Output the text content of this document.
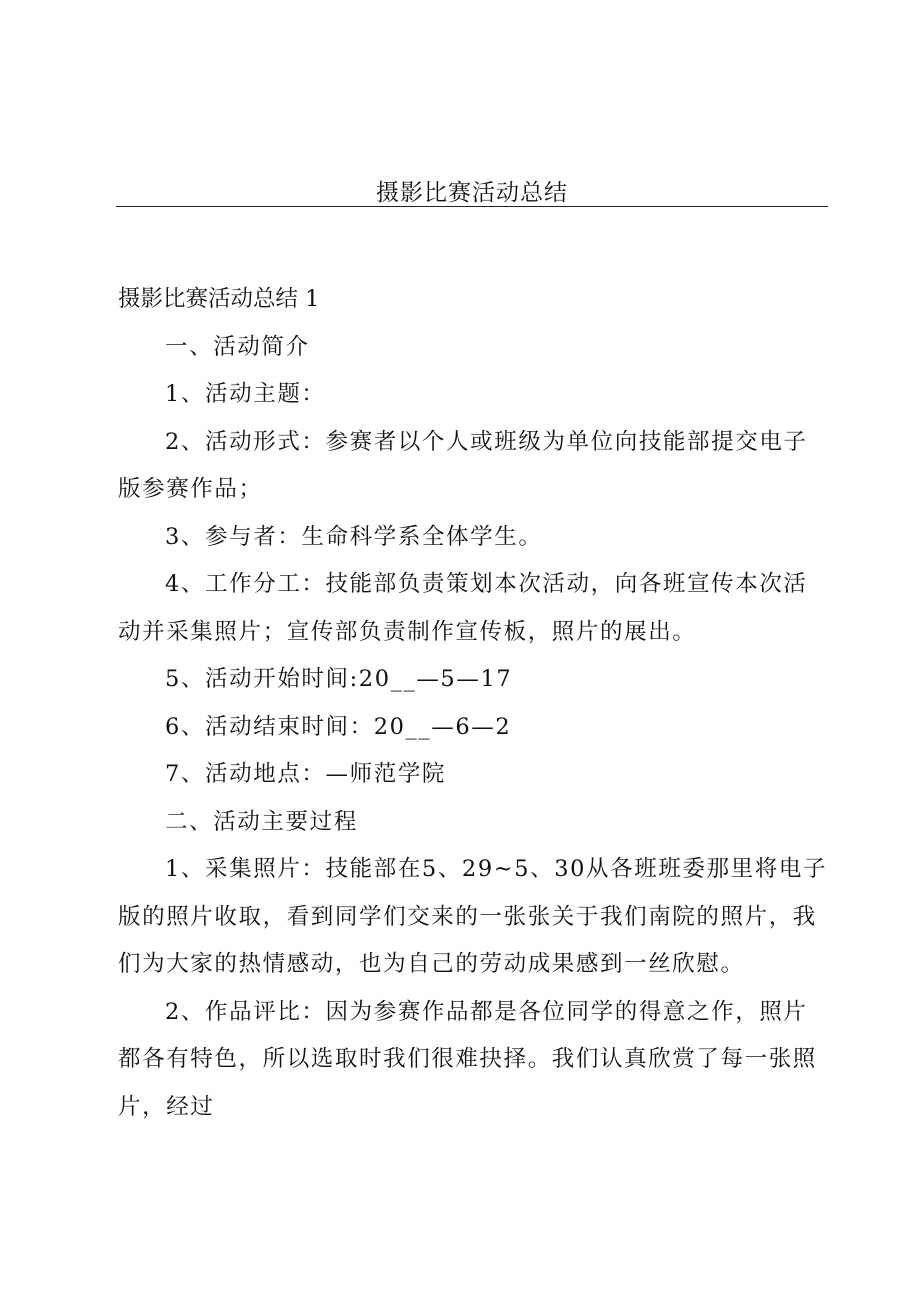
摄影比赛活动总结

摄影比赛活动总结 1

一、活动简介

1、活动主题：

2、活动形式：参赛者以个人或班级为单位向技能部提交电子版参赛作品；

3、参与者：生命科学系全体学生。

4、工作分工：技能部负责策划本次活动，向各班宣传本次活动并采集照片；宣传部负责制作宣传板，照片的展出。

5、活动开始时间:20__—5—17

6、活动结束时间：20__—6—2

7、活动地点：—师范学院

二、活动主要过程

1、采集照片：技能部在5、29~5、30从各班班委那里将电子版的照片收取，看到同学们交来的一张张关于我们南院的照片，我们为大家的热情感动，也为自己的劳动成果感到一丝欣慰。

2、作品评比：因为参赛作品都是各位同学的得意之作，照片都各有特色，所以选取时我们很难抉择。我们认真欣赏了每一张照片，经过
